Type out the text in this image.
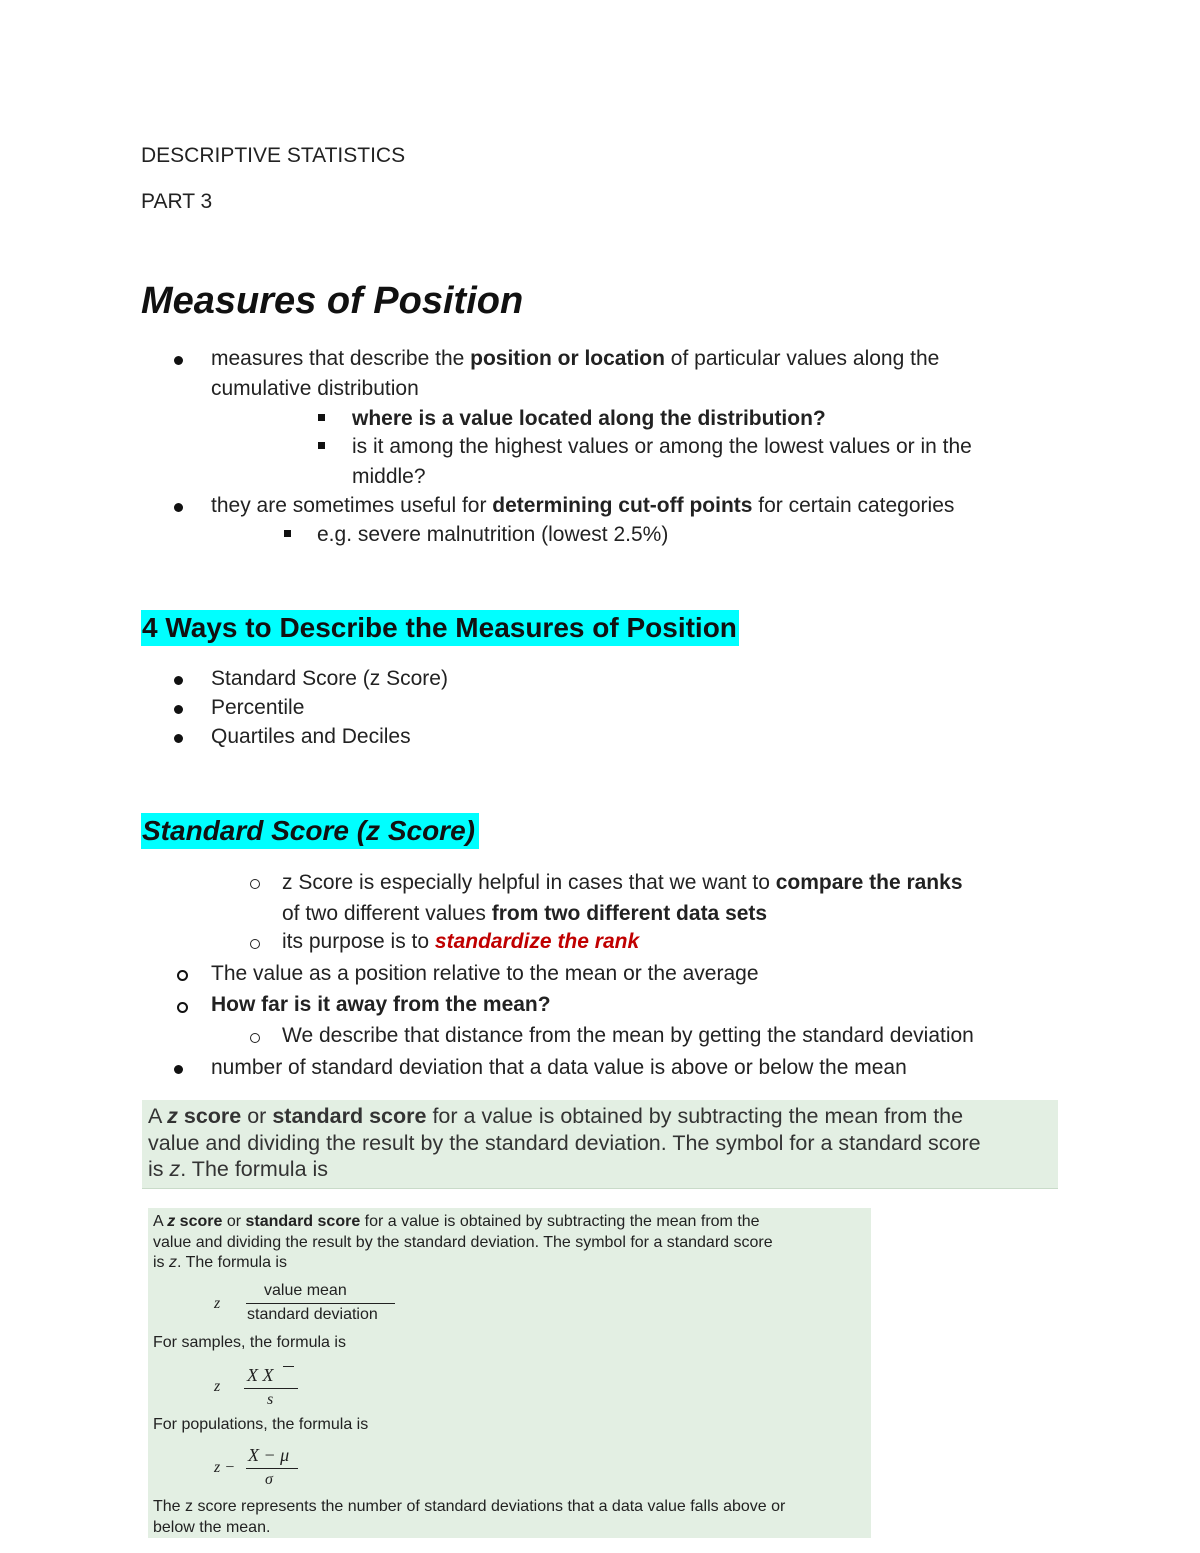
DESCRIPTIVE STATISTICS
PART 3
Measures of Position
measures that describe the position or location of particular values along the
cumulative distribution
where is a value located along the distribution?
is it among the highest values or among the lowest values or in the
middle?
they are sometimes useful for determining cut-off points for certain categories
e.g. severe malnutrition (lowest 2.5%)
4 Ways to Describe the Measures of Position
Standard Score (z Score)
Percentile
Quartiles and Deciles
Standard Score (z Score)
z Score is especially helpful in cases that we want to compare the ranks
of two different values from two different data sets
its purpose is to standardize the rank
The value as a position relative to the mean or the average
How far is it away from the mean?
We describe that distance from the mean by getting the standard deviation
number of standard deviation that a data value is above or below the mean
A z score or standard score for a value is obtained by subtracting the mean from the
value and dividing the result by the standard deviation. The symbol for a standard score
is z. The formula is
A z score or standard score for a value is obtained by subtracting the mean from the
value and dividing the result by the standard deviation. The symbol for a standard score
is z. The formula is
z
value mean
standard deviation
For samples, the formula is
z
X X
s
For populations, the formula is
z −
X − μ
σ
The z score represents the number of standard deviations that a data value falls above or
below the mean.
